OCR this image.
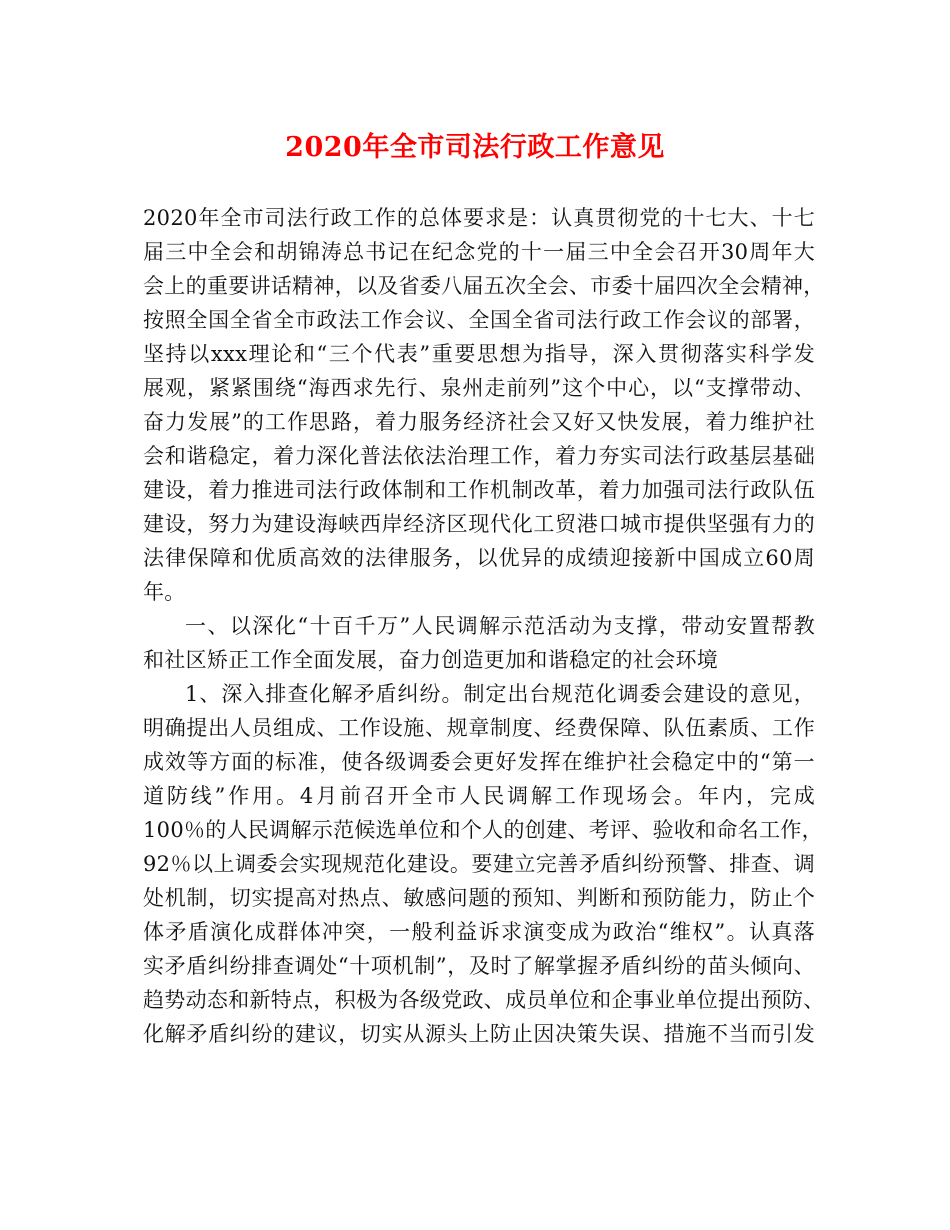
2020年全市司法行政工作意见
2020年全市司法行政工作的总体要求是：认真贯彻党的十七大、十七
届三中全会和胡锦涛总书记在纪念党的十一届三中全会召开30周年大
会上的重要讲话精神，以及省委八届五次全会、市委十届四次全会精神，
按照全国全省全市政法工作会议、全国全省司法行政工作会议的部署，
坚持以xxx理论和“三个代表”重要思想为指导，深入贯彻落实科学发
展观，紧紧围绕“海西求先行、泉州走前列”这个中心，以“支撑带动、
奋力发展”的工作思路，着力服务经济社会又好又快发展，着力维护社
会和谐稳定，着力深化普法依法治理工作，着力夯实司法行政基层基础
建设，着力推进司法行政体制和工作机制改革，着力加强司法行政队伍
建设，努力为建设海峡西岸经济区现代化工贸港口城市提供坚强有力的
法律保障和优质高效的法律服务，以优异的成绩迎接新中国成立60周
年。
一、以深化“十百千万”人民调解示范活动为支撑，带动安置帮教
和社区矫正工作全面发展，奋力创造更加和谐稳定的社会环境
1、深入排查化解矛盾纠纷。制定出台规范化调委会建设的意见，
明确提出人员组成、工作设施、规章制度、经费保障、队伍素质、工作
成效等方面的标准，使各级调委会更好发挥在维护社会稳定中的“第一
道防线”作用。4月前召开全市人民调解工作现场会。年内，完成
100％的人民调解示范候选单位和个人的创建、考评、验收和命名工作，
92％以上调委会实现规范化建设。要建立完善矛盾纠纷预警、排查、调
处机制，切实提高对热点、敏感问题的预知、判断和预防能力，防止个
体矛盾演化成群体冲突，一般利益诉求演变成为政治“维权”。认真落
实矛盾纠纷排查调处“十项机制”，及时了解掌握矛盾纠纷的苗头倾向、
趋势动态和新特点，积极为各级党政、成员单位和企事业单位提出预防、
化解矛盾纠纷的建议，切实从源头上防止因决策失误、措施不当而引发
